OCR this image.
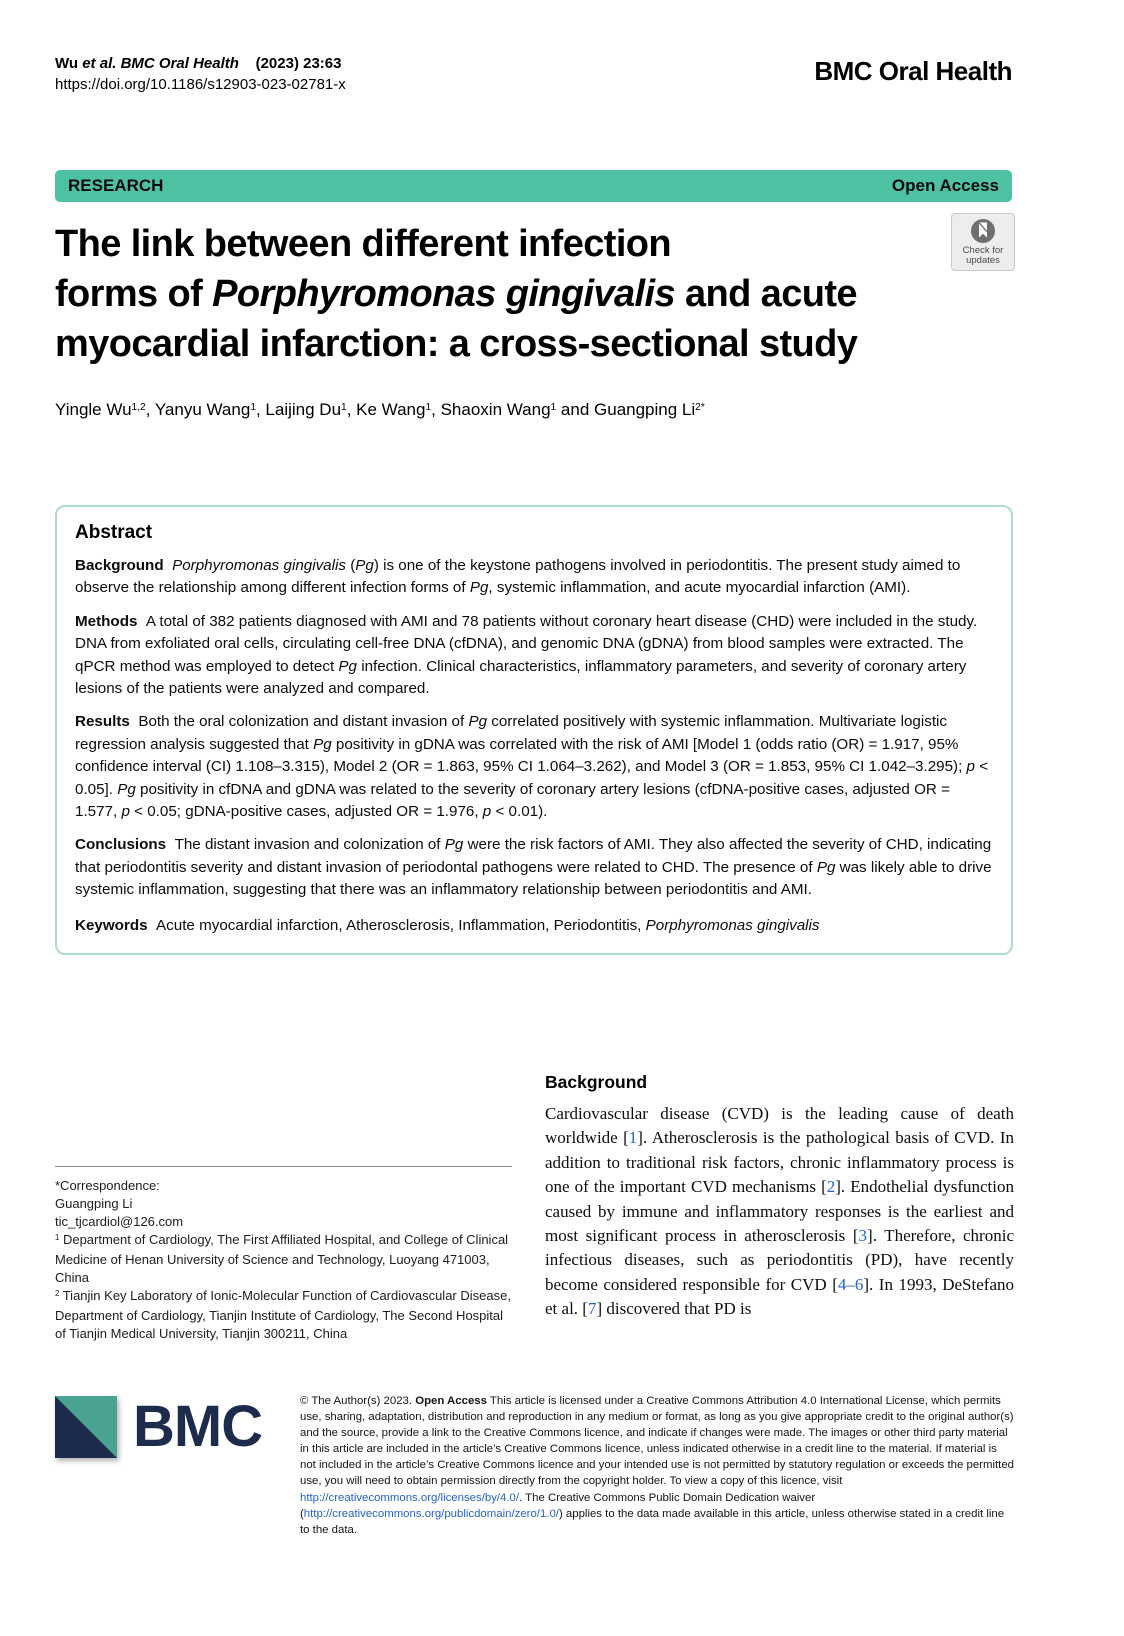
Wu et al. BMC Oral Health    (2023) 23:63
https://doi.org/10.1186/s12903-023-02781-x	BMC Oral Health
RESEARCH	Open Access
The link between different infection
forms of Porphyromonas gingivalis and acute
myocardial infarction: a cross-sectional study
Check for
updates
Yingle Wu$^{1,2}$, Yanyu Wang$^1$, Laijing Du$^1$, Ke Wang$^1$, Shaoxin Wang$^1$ and Guangping $Li^{2*}$
Abstract

Background Porphyromonas gingivalis (Pg) is one of the keystone pathogens involved in periodontitis. The present study aimed to observe the relationship among different infection forms of Pg, systemic inflammation, and acute myocardial infarction (AMI).

Methods  A total of 382 patients diagnosed with AMI and 78 patients without coronary heart disease (CHD) were included in the study. DNA from exfoliated oral cells, circulating cell-free DNA (cfDNA), and genomic DNA (gDNA) from blood samples were extracted. The qPCR method was employed to detect Pg infection. Clinical characteristics, inflammatory parameters, and severity of coronary artery lesions of the patients were analyzed and compared.

Results  Both the oral colonization and distant invasion of Pg correlated positively with systemic inflammation. Multivariate logistic regression analysis suggested that Pg positivity in gDNA was correlated with the risk of AMI [Model 1 (odds ratio (OR) = 1.917, 95% confidence interval (CI) 1.108–3.315), Model 2 (OR = 1.863, 95% CI 1.064–3.262), and Model 3 (OR = 1.853, 95% CI 1.042–3.295); p < 0.05]. Pg positivity in cfDNA and gDNA was related to the severity of coronary artery lesions (cfDNA-positive cases, adjusted OR = 1.577, p < 0.05; gDNA-positive cases, adjusted OR = 1.976, p < 0.01).

Conclusions  The distant invasion and colonization of Pg were the risk factors of AMI. They also affected the severity of CHD, indicating that periodontitis severity and distant invasion of periodontal pathogens were related to CHD. The presence of Pg was likely able to drive systemic inflammation, suggesting that there was an inflammatory relationship between periodontitis and AMI.

Keywords  Acute myocardial infarction, Atherosclerosis, Inflammation, Periodontitis, Porphyromonas gingivalis

*Correspondence:
Guangping Li
tic_tjcardiol@126.com
$^1$ Department of Cardiology, The First Affiliated Hospital, and College of Clinical Medicine of Henan University of Science and Technology, Luoyang 471003, China
$^2$ Tianjin Key Laboratory of Ionic-Molecular Function of Cardiovascular Disease, Department of Cardiology, Tianjin Institute of Cardiology, The Second Hospital of Tianjin Medical University, Tianjin 300211, China
Background

Cardiovascular disease (CVD) is the leading cause of death worldwide [1]. Atherosclerosis is the pathological basis of CVD. In addition to traditional risk factors, chronic inflammatory process is one of the important CVD mechanisms [2]. Endothelial dysfunction caused by immune and inflammatory responses is the earliest and most significant process in atherosclerosis [3]. Therefore, chronic infectious diseases, such as periodontitis (PD), have recently become considered responsible for CVD [4–6]. In 1993, DeStefano et al. [7] discovered that PD is

BMC	© The Author(s) 2023. Open Access This article is licensed under a Creative Commons Attribution 4.0 International License, which permits use, sharing, adaptation, distribution and reproduction in any medium or format, as long as you give appropriate credit to the original author(s) and the source, provide a link to the Creative Commons licence, and indicate if changes were made. The images or other third party material in this article are included in the article’s Creative Commons licence, unless indicated otherwise in a credit line to the material. If material is not included in the article’s Creative Commons licence and your intended use is not permitted by statutory regulation or exceeds the permitted use, you will need to obtain permission directly from the copyright holder. To view a copy of this licence, visit http://creativecommons.org/licenses/by/4.0/. The Creative Commons Public Domain Dedication waiver (http://creativecommons.org/publicdomain/zero/1.0/) applies to the data made available in this article, unless otherwise stated in a credit line to the data.
